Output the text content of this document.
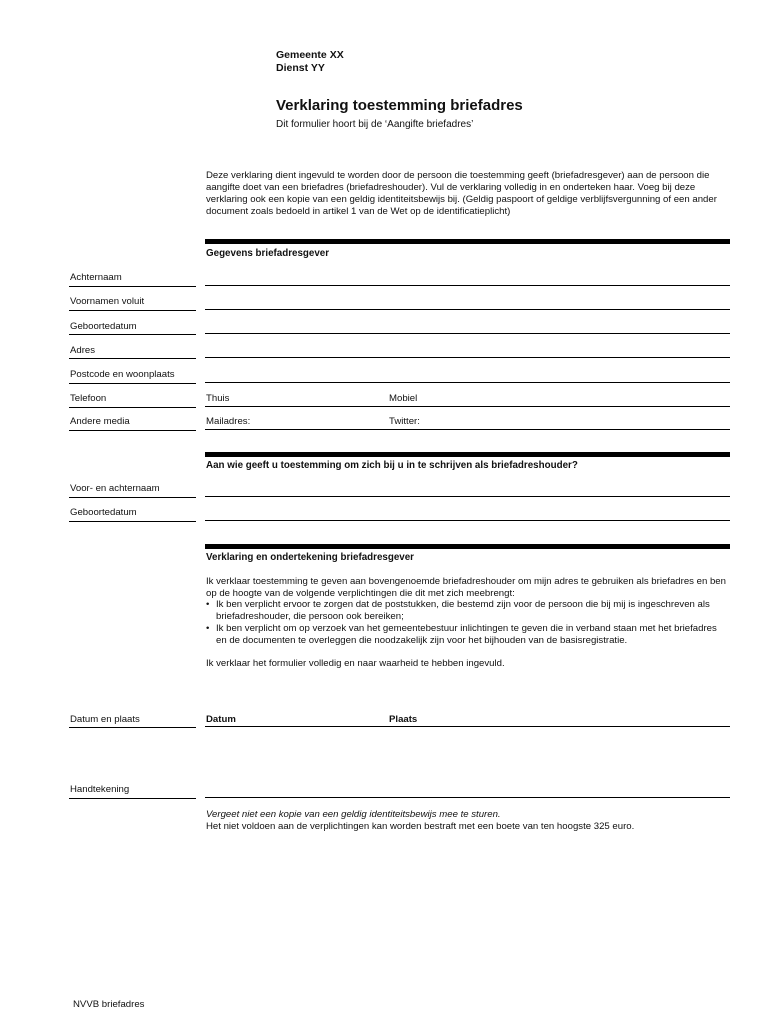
Gemeente XX
Dienst YY
Verklaring toestemming briefadres
Dit formulier hoort bij de ‘Aangifte briefadres’
Deze verklaring dient ingevuld te worden door de persoon die toestemming geeft (briefadresgever) aan de persoon die aangifte doet van een briefadres (briefadreshouder). Vul de verklaring volledig in en onderteken haar. Voeg bij deze verklaring ook een kopie van een geldig identiteitsbewijs bij. (Geldig paspoort of geldige verblijfsvergunning of een ander document zoals bedoeld in artikel 1 van de Wet op de identificatieplicht)
Gegevens briefadresgever
Achternaam
Voornamen voluit
Geboortedatum
Adres
Postcode en woonplaats
Telefoon	Thuis	Mobiel
Andere media	Mailadres:	Twitter:
Aan wie geeft u toestemming om zich bij u in te schrijven als briefadreshouder?
Voor- en achternaam
Geboortedatum
Verklaring en ondertekening briefadresgever
Ik verklaar toestemming te geven aan bovengenoemde briefadreshouder om mijn adres te gebruiken als briefadres en ben op de hoogte van de volgende verplichtingen die dit met zich meebrengt:
• Ik ben verplicht ervoor te zorgen dat de poststukken, die bestemd zijn voor de persoon die bij mij is ingeschreven als briefadreshouder, die persoon ook bereiken;
• Ik ben verplicht om op verzoek van het gemeentebestuur inlichtingen te geven die in verband staan met het briefadres en de documenten te overleggen die noodzakelijk zijn voor het bijhouden van de basisregistratie.
Ik verklaar het formulier volledig en naar waarheid te hebben ingevuld.
Datum en plaats	Datum	Plaats
Handtekening
Vergeet niet een kopie van een geldig identiteitsbewijs mee te sturen.
Het niet voldoen aan de verplichtingen kan worden bestraft met een boete van ten hoogste 325 euro.
NVVB briefadres
